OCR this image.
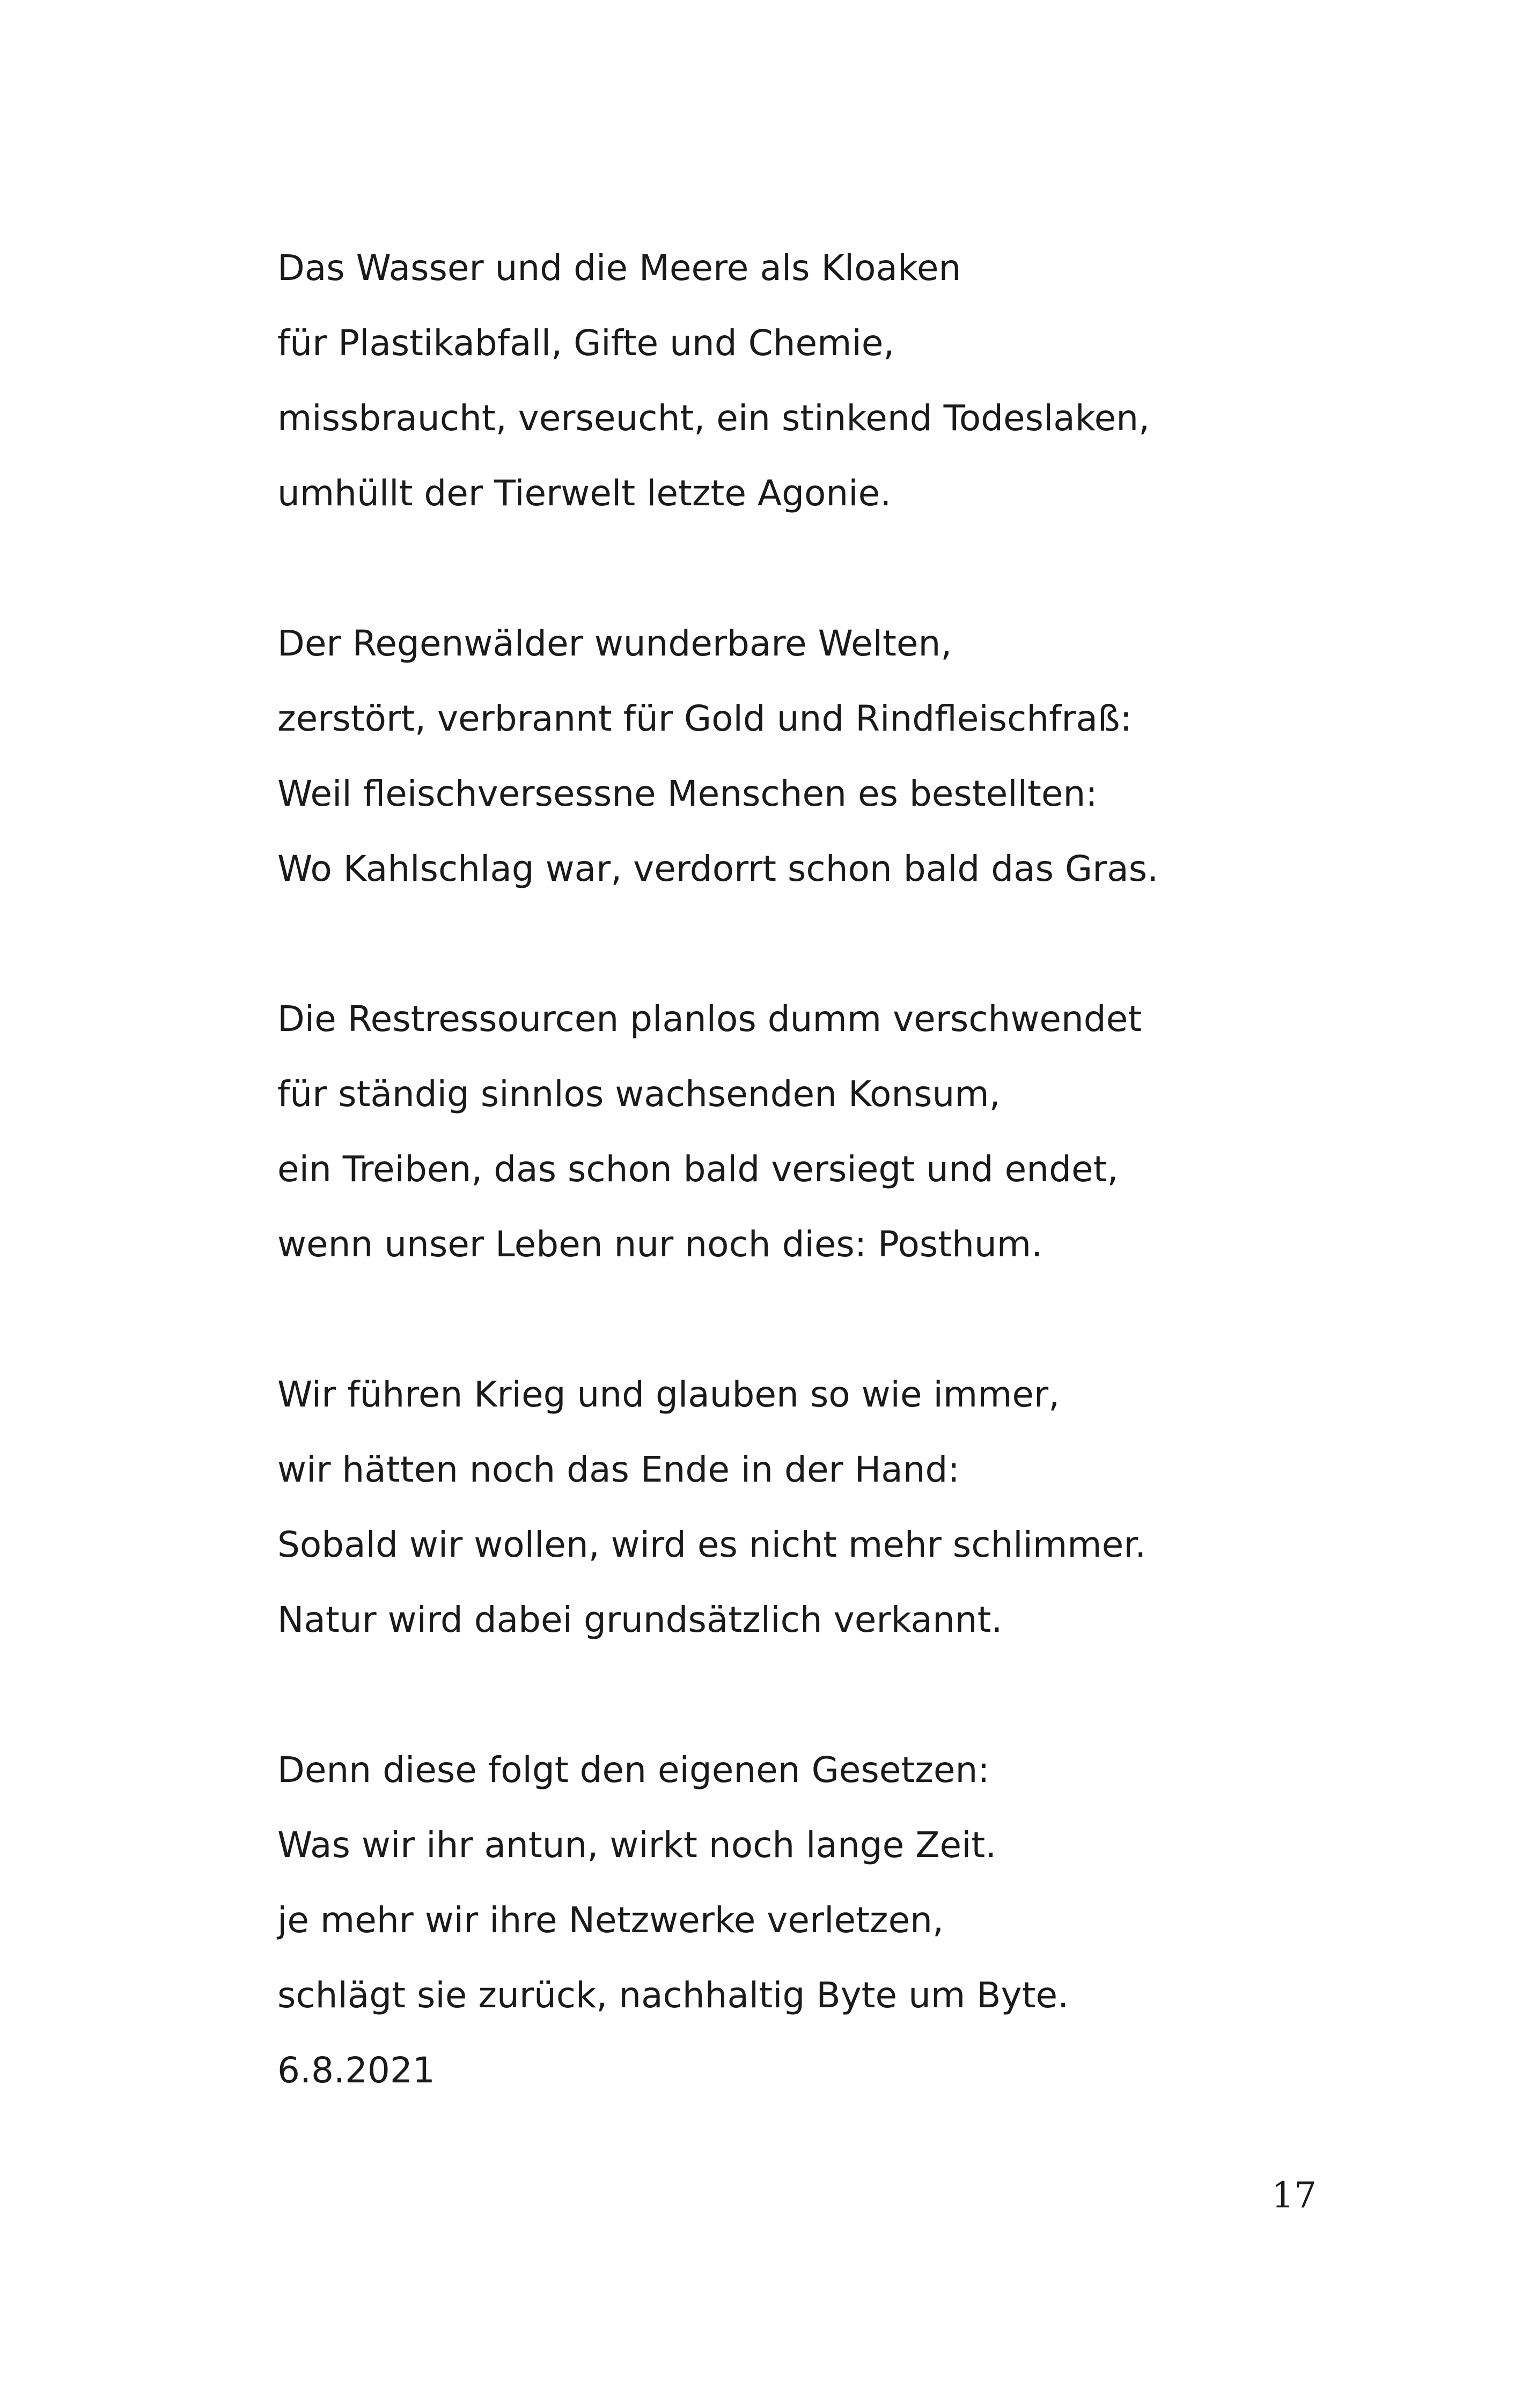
Das Wasser und die Meere als Kloaken
für Plastikabfall, Gifte und Chemie,
missbraucht, verseucht, ein stinkend Todeslaken,
umhüllt der Tierwelt letzte Agonie.
Der Regenwälder wunderbare Welten,
zerstört, verbrannt für Gold und Rindfleischfraß:
Weil fleischversessne Menschen es bestellten:
Wo Kahlschlag war, verdorrt schon bald das Gras.
Die Restressourcen planlos dumm verschwendet
für ständig sinnlos wachsenden Konsum,
ein Treiben, das schon bald versiegt und endet,
wenn unser Leben nur noch dies: Posthum.
Wir führen Krieg und glauben so wie immer,
wir hätten noch das Ende in der Hand:
Sobald wir wollen, wird es nicht mehr schlimmer.
Natur wird dabei grundsätzlich verkannt.
Denn diese folgt den eigenen Gesetzen:
Was wir ihr antun, wirkt noch lange Zeit.
je mehr wir ihre Netzwerke verletzen,
schlägt sie zurück, nachhaltig Byte um Byte.
6.8.2021
17
